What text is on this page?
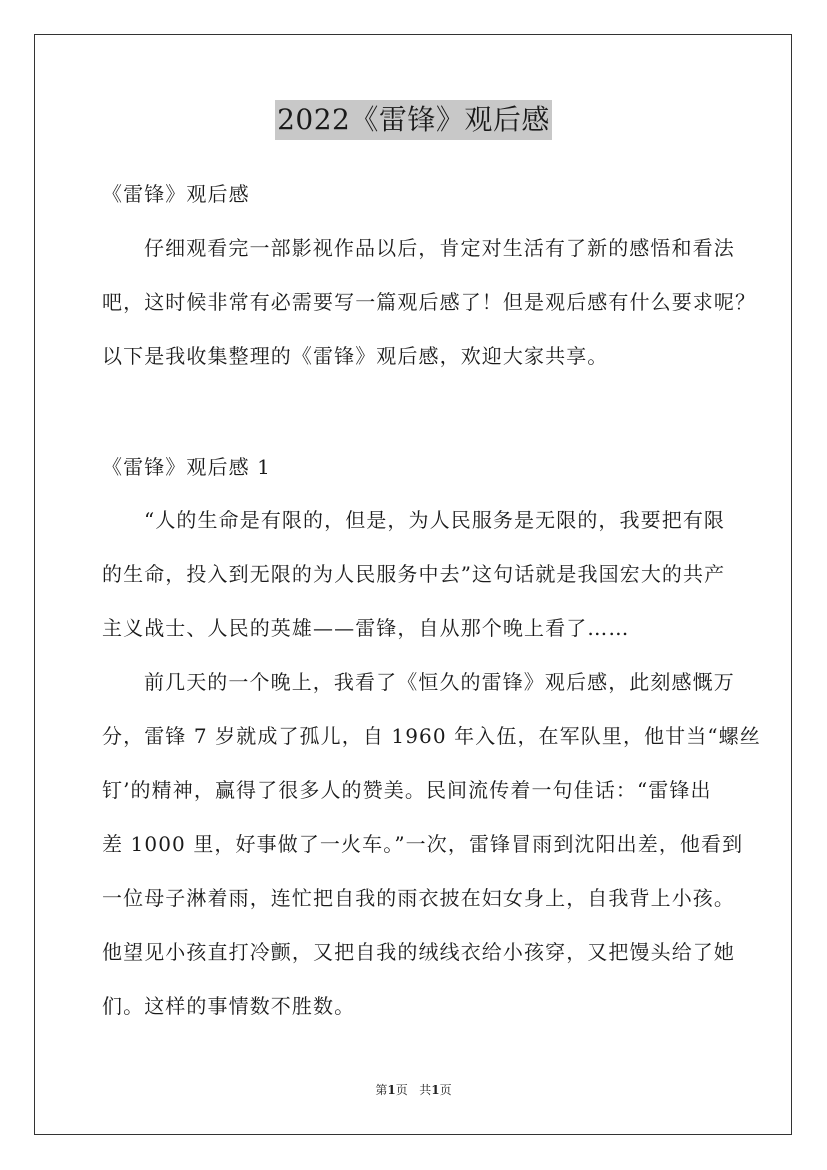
2022《雷锋》观后感
《雷锋》观后感
仔细观看完一部影视作品以后，肯定对生活有了新的感悟和看法
吧，这时候非常有必需要写一篇观后感了！但是观后感有什么要求呢？
以下是我收集整理的《雷锋》观后感，欢迎大家共享。
《雷锋》观后感 1
“人的生命是有限的，但是，为人民服务是无限的，我要把有限
的生命，投入到无限的为人民服务中去”这句话就是我国宏大的共产
主义战士、人民的英雄——雷锋，自从那个晚上看了……
前几天的一个晚上，我看了《恒久的雷锋》观后感，此刻感慨万
分，雷锋 7 岁就成了孤儿，自 1960 年入伍，在军队里，他甘当“螺丝
钉’的精神，赢得了很多人的赞美。民间流传着一句佳话：“雷锋出
差 1000 里，好事做了一火车。”一次，雷锋冒雨到沈阳出差，他看到
一位母子淋着雨，连忙把自我的雨衣披在妇女身上，自我背上小孩。
他望见小孩直打冷颤，又把自我的绒线衣给小孩穿，又把馒头给了她
们。这样的事情数不胜数。
第1页   共1页
